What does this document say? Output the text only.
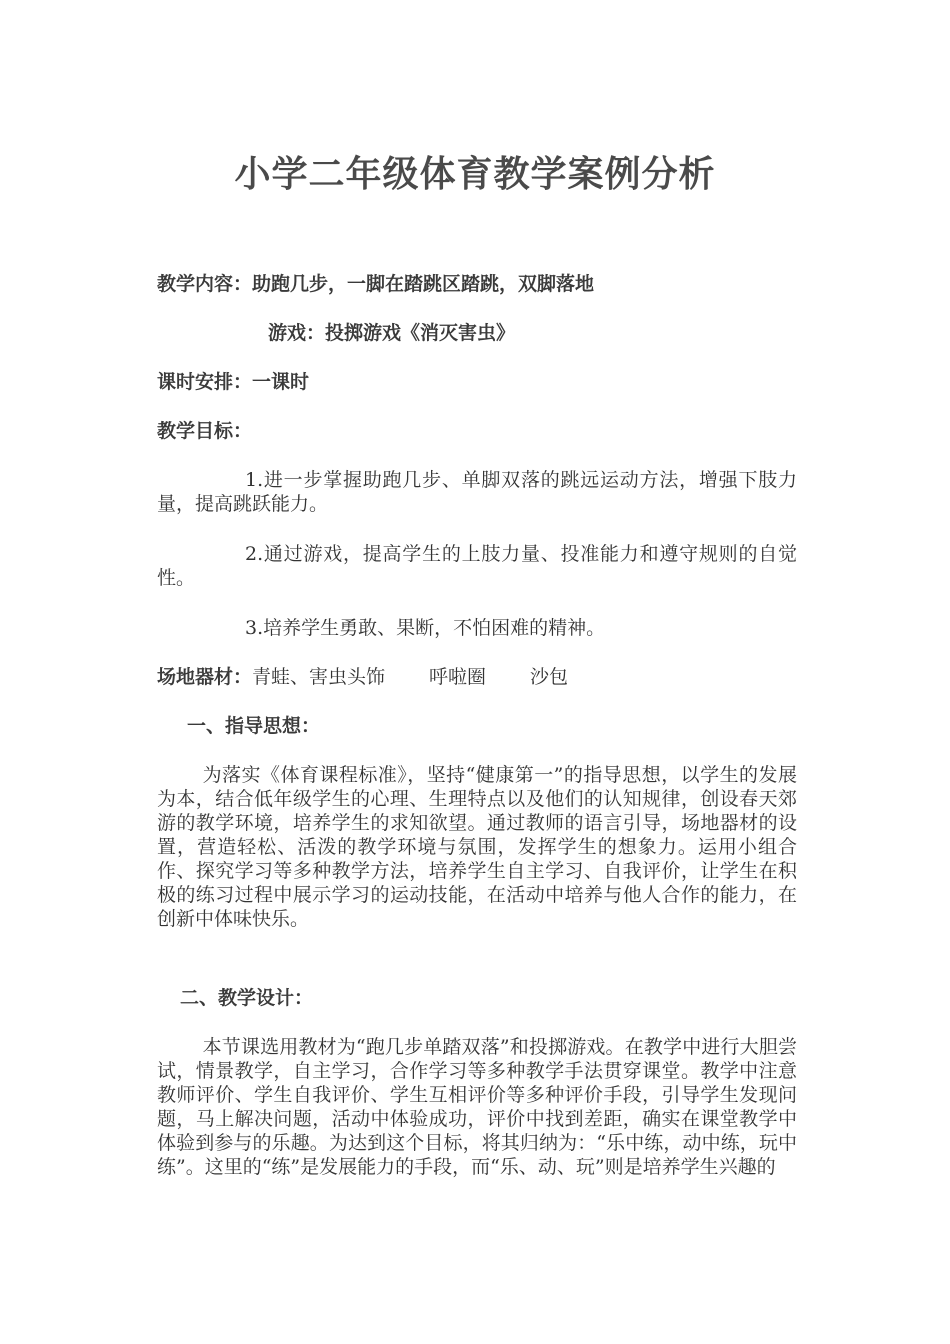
小学二年级体育教学案例分析
教学内容：助跑几步，一脚在踏跳区踏跳，双脚落地
游戏：投掷游戏《消灭害虫》
课时安排：一课时
教学目标：
1.进一步掌握助跑几步、单脚双落的跳远运动方法，增强下肢力量，提高跳跃能力。
2.通过游戏，提高学生的上肢力量、投准能力和遵守规则的自觉性。
3.培养学生勇敢、果断，不怕困难的精神。
场地器材：青蛙、害虫头饰 呼啦圈 沙包
一、指导思想：
为落实《体育课程标准》，坚持“健康第一”的指导思想，以学生的发展为本，结合低年级学生的心理、生理特点以及他们的认知规律，创设春天郊游的教学环境，培养学生的求知欲望。通过教师的语言引导，场地器材的设置，营造轻松、活泼的教学环境与氛围，发挥学生的想象力。运用小组合作、探究学习等多种教学方法，培养学生自主学习、自我评价，让学生在积极的练习过程中展示学习的运动技能，在活动中培养与他人合作的能力，在创新中体味快乐。
二、教学设计：
本节课选用教材为“跑几步单踏双落”和投掷游戏。在教学中进行大胆尝试，情景教学，自主学习，合作学习等多种教学手法贯穿课堂。教学中注意教师评价、学生自我评价、学生互相评价等多种评价手段，引导学生发现问题，马上解决问题，活动中体验成功，评价中找到差距，确实在课堂教学中体验到参与的乐趣。为达到这个目标，将其归纳为：“乐中练，动中练，玩中练”。这里的“练”是发展能力的手段，而“乐、动、玩”则是培养学生兴趣的
